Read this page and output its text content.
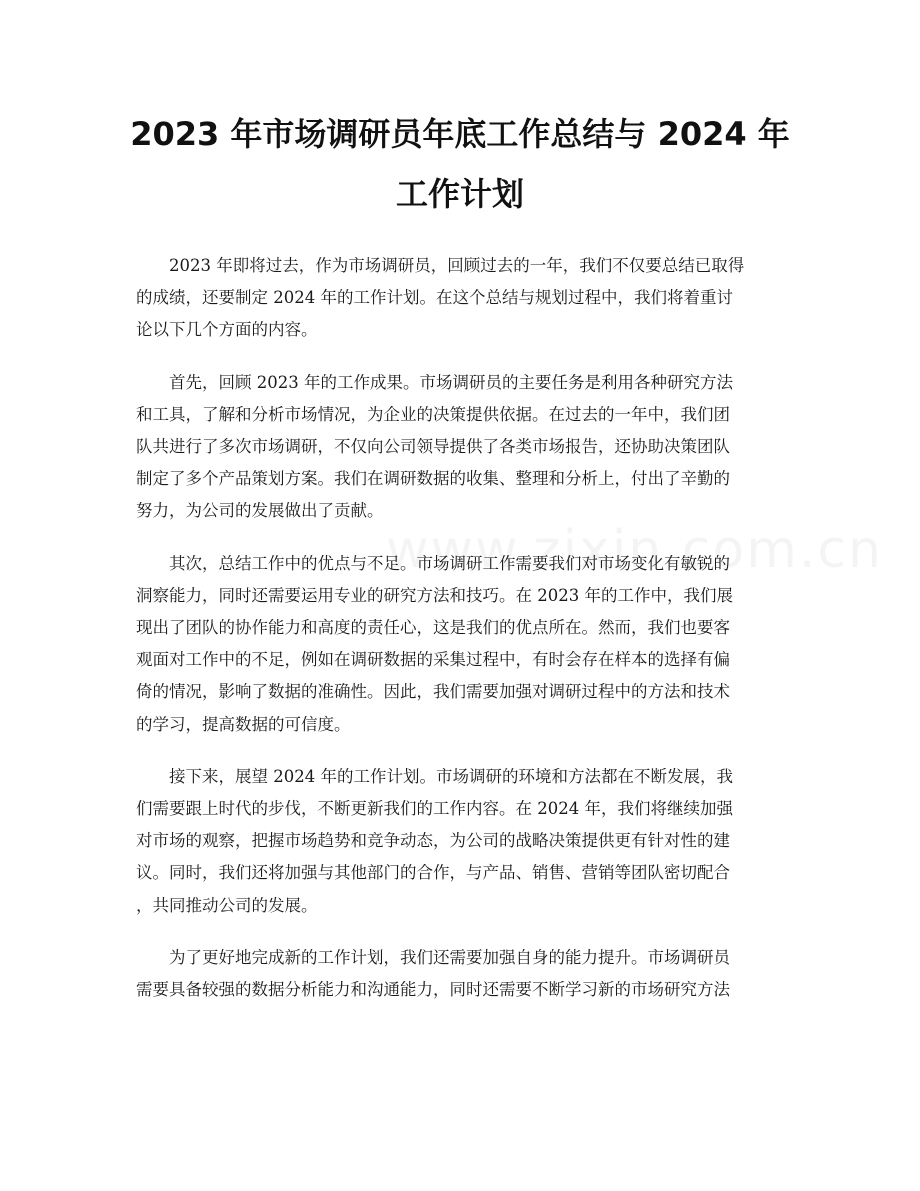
2023 年市场调研员年底工作总结与 2024 年
工作计划
2023 年即将过去，作为市场调研员，回顾过去的一年，我们不仅要总结已取得
的成绩，还要制定 2024 年的工作计划。在这个总结与规划过程中，我们将着重讨
论以下几个方面的内容。
首先，回顾 2023 年的工作成果。市场调研员的主要任务是利用各种研究方法
和工具，了解和分析市场情况，为企业的决策提供依据。在过去的一年中，我们团
队共进行了多次市场调研，不仅向公司领导提供了各类市场报告，还协助决策团队
制定了多个产品策划方案。我们在调研数据的收集、整理和分析上，付出了辛勤的
努力，为公司的发展做出了贡献。
其次，总结工作中的优点与不足。市场调研工作需要我们对市场变化有敏锐的
洞察能力，同时还需要运用专业的研究方法和技巧。在 2023 年的工作中，我们展
现出了团队的协作能力和高度的责任心，这是我们的优点所在。然而，我们也要客
观面对工作中的不足，例如在调研数据的采集过程中，有时会存在样本的选择有偏
倚的情况，影响了数据的准确性。因此，我们需要加强对调研过程中的方法和技术
的学习，提高数据的可信度。
接下来，展望 2024 年的工作计划。市场调研的环境和方法都在不断发展，我
们需要跟上时代的步伐，不断更新我们的工作内容。在 2024 年，我们将继续加强
对市场的观察，把握市场趋势和竞争动态，为公司的战略决策提供更有针对性的建
议。同时，我们还将加强与其他部门的合作，与产品、销售、营销等团队密切配合
，共同推动公司的发展。
为了更好地完成新的工作计划，我们还需要加强自身的能力提升。市场调研员
需要具备较强的数据分析能力和沟通能力，同时还需要不断学习新的市场研究方法
